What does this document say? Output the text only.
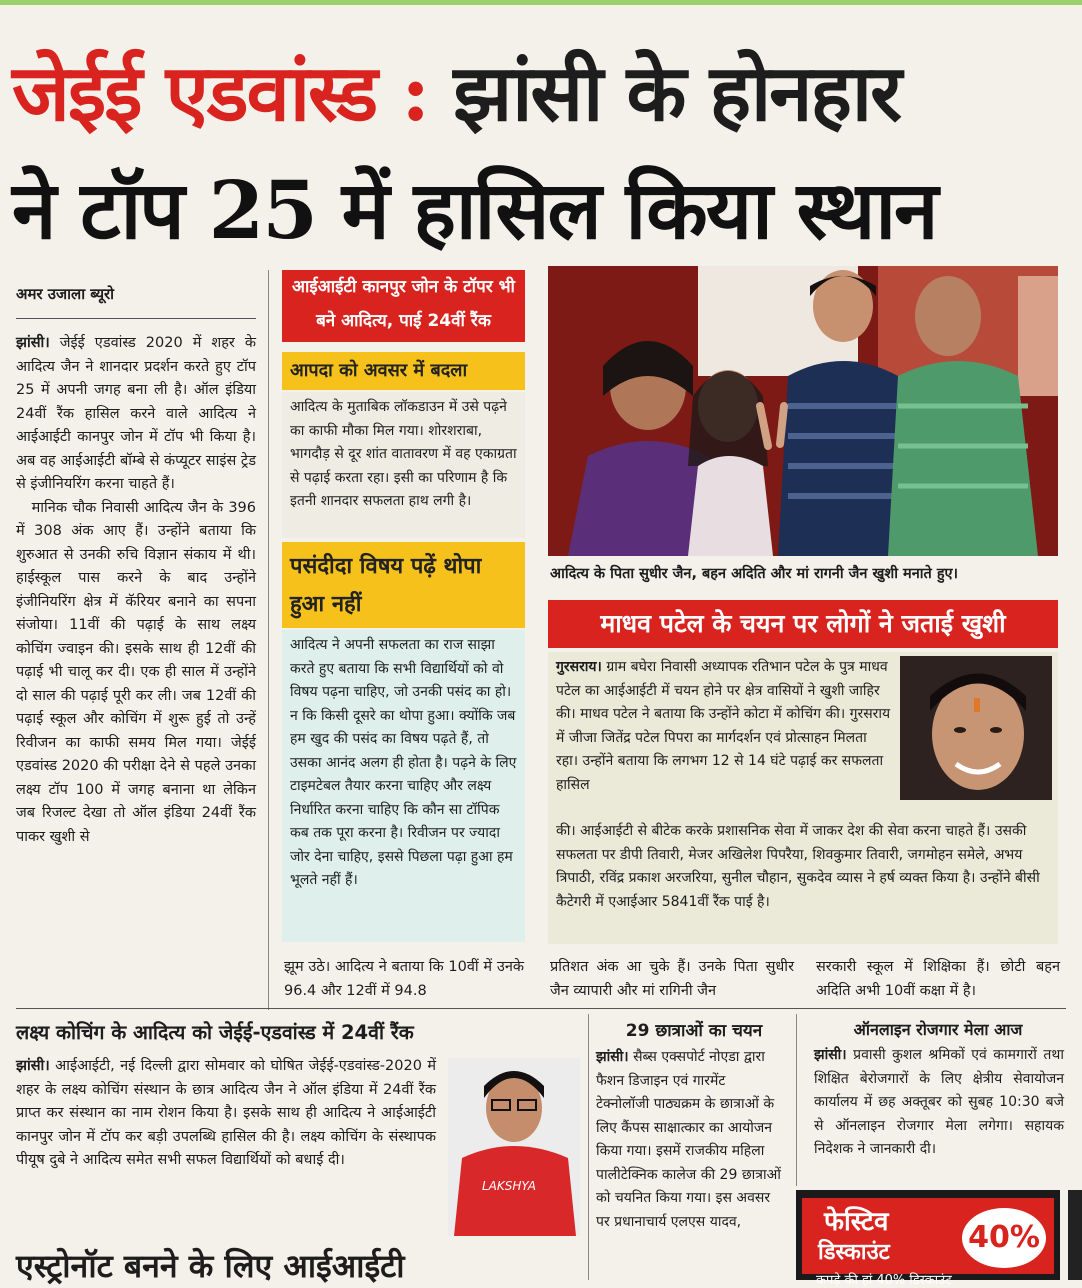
जेईई एडवांस्ड : झांसी के होनहार
ने टॉप 25 में हासिल किया स्थान
अमर उजाला ब्यूरो
झांसी। जेईई एडवांस्ड 2020 में शहर के आदित्य जैन ने शानदार प्रदर्शन करते हुए टॉप 25 में अपनी जगह बना ली है। ऑल इंडिया 24वीं रैंक हासिल करने वाले आदित्य ने आईआईटी कानपुर जोन में टॉप भी किया है। अब वह आईआईटी बॉम्बे से कंप्यूटर साइंस ट्रेड से इंजीनियरिंग करना चाहते हैं।
मानिक चौक निवासी आदित्य जैन के 396 में 308 अंक आए हैं। उन्होंने बताया कि शुरुआत से उनकी रुचि विज्ञान संकाय में थी। हाईस्कूल पास करने के बाद उन्होंने इंजीनियरिंग क्षेत्र में कॅरियर बनाने का सपना संजोया। 11वीं की पढ़ाई के साथ लक्ष्य कोचिंग ज्वाइन की। इसके साथ ही 12वीं की पढ़ाई भी चालू कर दी। एक ही साल में उन्होंने दो साल की पढ़ाई पूरी कर ली। जब 12वीं की पढ़ाई स्कूल और कोचिंग में शुरू हुई तो उन्हें रिवीजन का काफी समय मिल गया। जेईई एडवांस्ड 2020 की परीक्षा देने से पहले उनका लक्ष्य टॉप 100 में जगह बनाना था लेकिन जब रिजल्ट देखा तो ऑल इंडिया 24वीं रैंक पाकर खुशी से
आईआईटी कानपुर जोन के टॉपर भी बने आदित्य, पाई 24वीं रैंक
आपदा को अवसर में बदला
आदित्य के मुताबिक लॉकडाउन में उसे पढ़ने का काफी मौका मिल गया। शोरशराबा, भागदौड़ से दूर शांत वातावरण में वह एकाग्रता से पढ़ाई करता रहा। इसी का परिणाम है कि इतनी शानदार सफलता हाथ लगी है।
पसंदीदा विषय पढ़ें थोपा हुआ नहीं
आदित्य ने अपनी सफलता का राज साझा करते हुए बताया कि सभी विद्यार्थियों को वो विषय पढ़ना चाहिए, जो उनकी पसंद का हो। न कि किसी दूसरे का थोपा हुआ। क्योंकि जब हम खुद की पसंद का विषय पढ़ते हैं, तो उसका आनंद अलग ही होता है। पढ़ने के लिए टाइमटेबल तैयार करना चाहिए और लक्ष्य निर्धारित करना चाहिए कि कौन सा टॉपिक कब तक पूरा करना है। रिवीजन पर ज्यादा जोर देना चाहिए, इससे पिछला पढ़ा हुआ हम भूलते नहीं हैं।
आदित्य के पिता सुधीर जैन, बहन अदिति और मां रागनी जैन खुशी मनाते हुए।
माधव पटेल के चयन पर लोगों ने जताई खुशी
गुरसराय। ग्राम बघेरा निवासी अध्यापक रतिभान पटेल के पुत्र माधव पटेल का आईआईटी में चयन होने पर क्षेत्र वासियों ने खुशी जाहिर की। माधव पटेल ने बताया कि उन्होंने कोटा में कोचिंग की। गुरसराय में जीजा जितेंद्र पटेल पिपरा का मार्गदर्शन एवं प्रोत्साहन मिलता रहा। उन्होंने बताया कि लगभग 12 से 14 घंटे पढ़ाई कर सफलता हासिल
की। आईआईटी से बीटेक करके प्रशासनिक सेवा में जाकर देश की सेवा करना चाहते हैं। उसकी सफलता पर डीपी तिवारी, मेजर अखिलेश पिपरैया, शिवकुमार तिवारी, जगमोहन समेले, अभय त्रिपाठी, रविंद्र प्रकाश अरजरिया, सुनील चौहान, सुकदेव व्यास ने हर्ष व्यक्त किया है। उन्होंने बीसी कैटेगरी में एआईआर 5841वीं रैंक पाई है।
झूम उठे। आदित्य ने बताया कि 10वीं में उनके 96.4 और 12वीं में 94.8
प्रतिशत अंक आ चुके हैं। उनके पिता सुधीर जैन व्यापारी और मां रागिनी जैन
सरकारी स्कूल में शिक्षिका हैं। छोटी बहन अदिति अभी 10वीं कक्षा में है।
लक्ष्य कोचिंग के आदित्य को जेईई-एडवांस्ड में 24वीं रैंक
झांसी। आईआईटी, नई दिल्ली द्वारा सोमवार को घोषित जेईई-एडवांस्ड-2020 में शहर के लक्ष्य कोचिंग संस्थान के छात्र आदित्य जैन ने ऑल इंडिया में 24वीं रैंक प्राप्त कर संस्थान का नाम रोशन किया है। इसके साथ ही आदित्य ने आईआईटी कानपुर जोन में टॉप कर बड़ी उपलब्धि हासिल की है। लक्ष्य कोचिंग के संस्थापक पीयूष दुबे ने आदित्य समेत सभी सफल विद्यार्थियों को बधाई दी।
LAKSHYA
29 छात्राओं का चयन
झांसी। सैब्स एक्सपोर्ट नोएडा द्वारा फैशन डिजाइन एवं गारमेंट टेक्नोलॉजी पाठ्यक्रम के छात्राओं के लिए कैंपस साक्षात्कार का आयोजन किया गया। इसमें राजकीय महिला पालीटेक्निक कालेज की 29 छात्राओं को चयनित किया गया। इस अवसर पर प्रधानाचार्य एलएस यादव,
ऑनलाइन रोजगार मेला आज
झांसी। प्रवासी कुशल श्रमिकों एवं कामगारों तथा शिक्षित बेरोजगारों के लिए क्षेत्रीय सेवायोजन कार्यालय में छह अक्तूबर को सुबह 10:30 बजे से ऑनलाइन रोजगार मेला लगेगा। सहायक निदेशक ने जानकारी दी।
फेस्टिव
डिस्काउंट	40%
कपड़े की हां 40% डिस्काउंट
एस्ट्रोनॉट बनने के लिए आईआईटी
